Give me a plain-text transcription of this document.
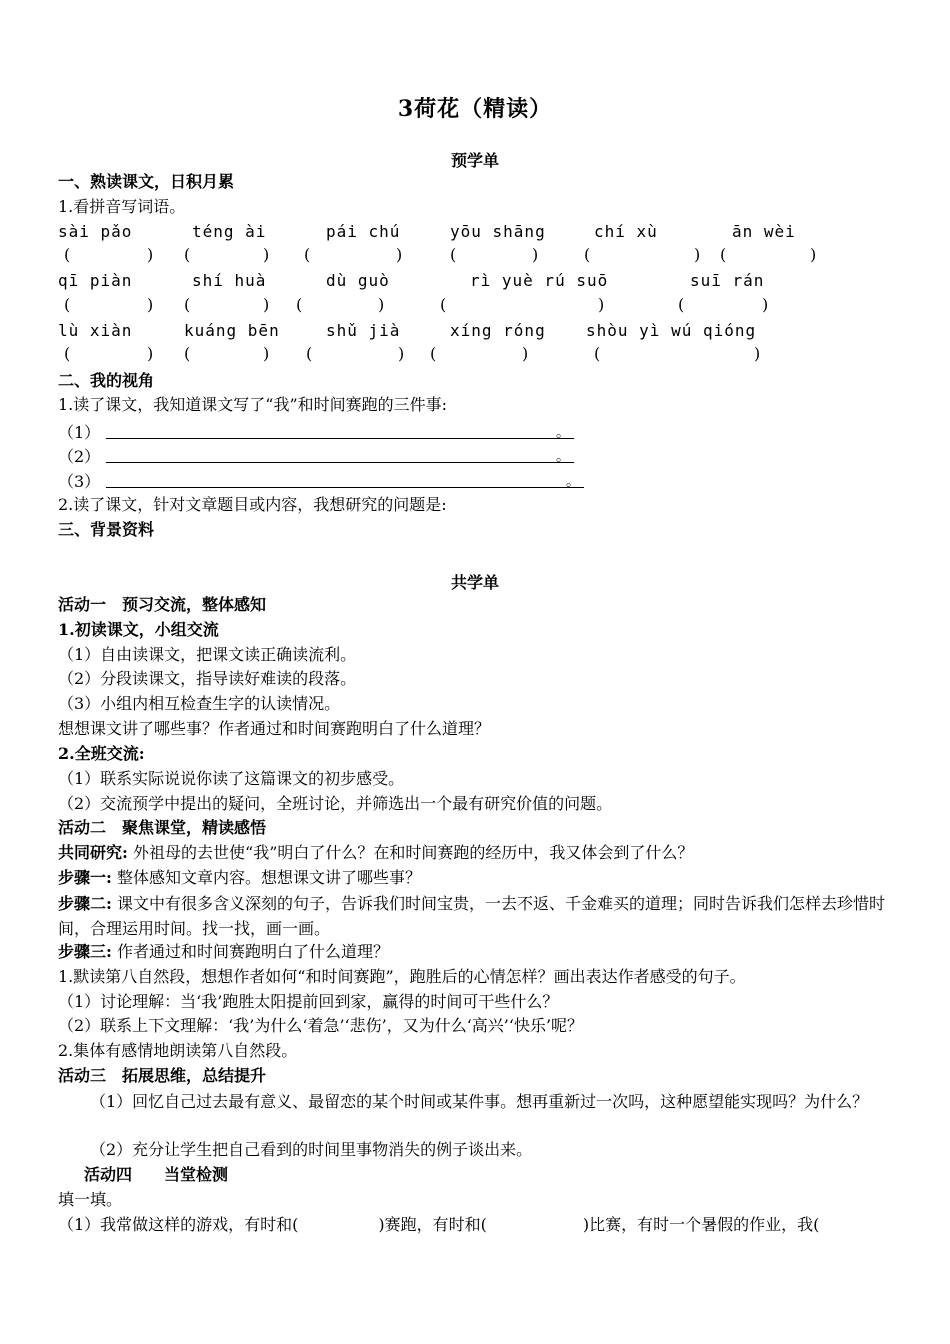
3荷花（精读）
预学单
一、熟读课文，日积月累
1.看拼音写词语。
sài pǎo	téng ài	pái chú	yōu shāng	chí xù	ān wèi
(	) (	) (	)	(	)	(	) (	)
qī piàn	shí huà	dù guò	rì yuè rú suō	suī rán
(	) (	) (	)	(	)	(	)
lù xiàn	kuáng bēn	shǔ jià	xíng róng	shòu yì wú qióng
(	) (	) (	) (	)	(	)
二、我的视角
1.读了课文，我知道课文写了“我”和时间赛跑的三件事:
（1）	。
（2）	。
（3）	。
2.读了课文，针对文章题目或内容，我想研究的问题是:
三、背景资料
共学单
活动一　预习交流，整体感知
1.初读课文，小组交流
（1）自由读课文，把课文读正确读流利。
（2）分段读课文，指导读好难读的段落。
（3）小组内相互检查生字的认读情况。
想想课文讲了哪些事？作者通过和时间赛跑明白了什么道理？
2.全班交流:
（1）联系实际说说你读了这篇课文的初步感受。
（2）交流预学中提出的疑问，全班讨论，并筛选出一个最有研究价值的问题。
活动二　聚焦课堂，精读感悟
共同研究: 外祖母的去世使“我”明白了什么？在和时间赛跑的经历中，我又体会到了什么？
步骤一: 整体感知文章内容。想想课文讲了哪些事？
步骤二: 课文中有很多含义深刻的句子，告诉我们时间宝贵，一去不返、千金难买的道理；同时告诉我们怎样去珍惜时间，合理运用时间。找一找，画一画。
步骤三: 作者通过和时间赛跑明白了什么道理？
1.默读第八自然段，想想作者如何“和时间赛跑”，跑胜后的心情怎样？画出表达作者感受的句子。
（1）讨论理解：当‘我’跑胜太阳提前回到家，赢得的时间可干些什么？
（2）联系上下文理解：‘我’为什么‘着急’‘悲伤’，又为什么‘高兴’‘快乐’呢？
2.集体有感情地朗读第八自然段。
活动三　拓展思维，总结提升
（1）回忆自己过去最有意义、最留恋的某个时间或某件事。想再重新过一次吗，这种愿望能实现吗？为什么？
（2）充分让学生把自己看到的时间里事物消失的例子谈出来。
活动四　　当堂检测
填一填。
（1）我常做这样的游戏，有时和(　　　　　)赛跑，有时和(　　　　　　)比赛，有时一个暑假的作业，我(
